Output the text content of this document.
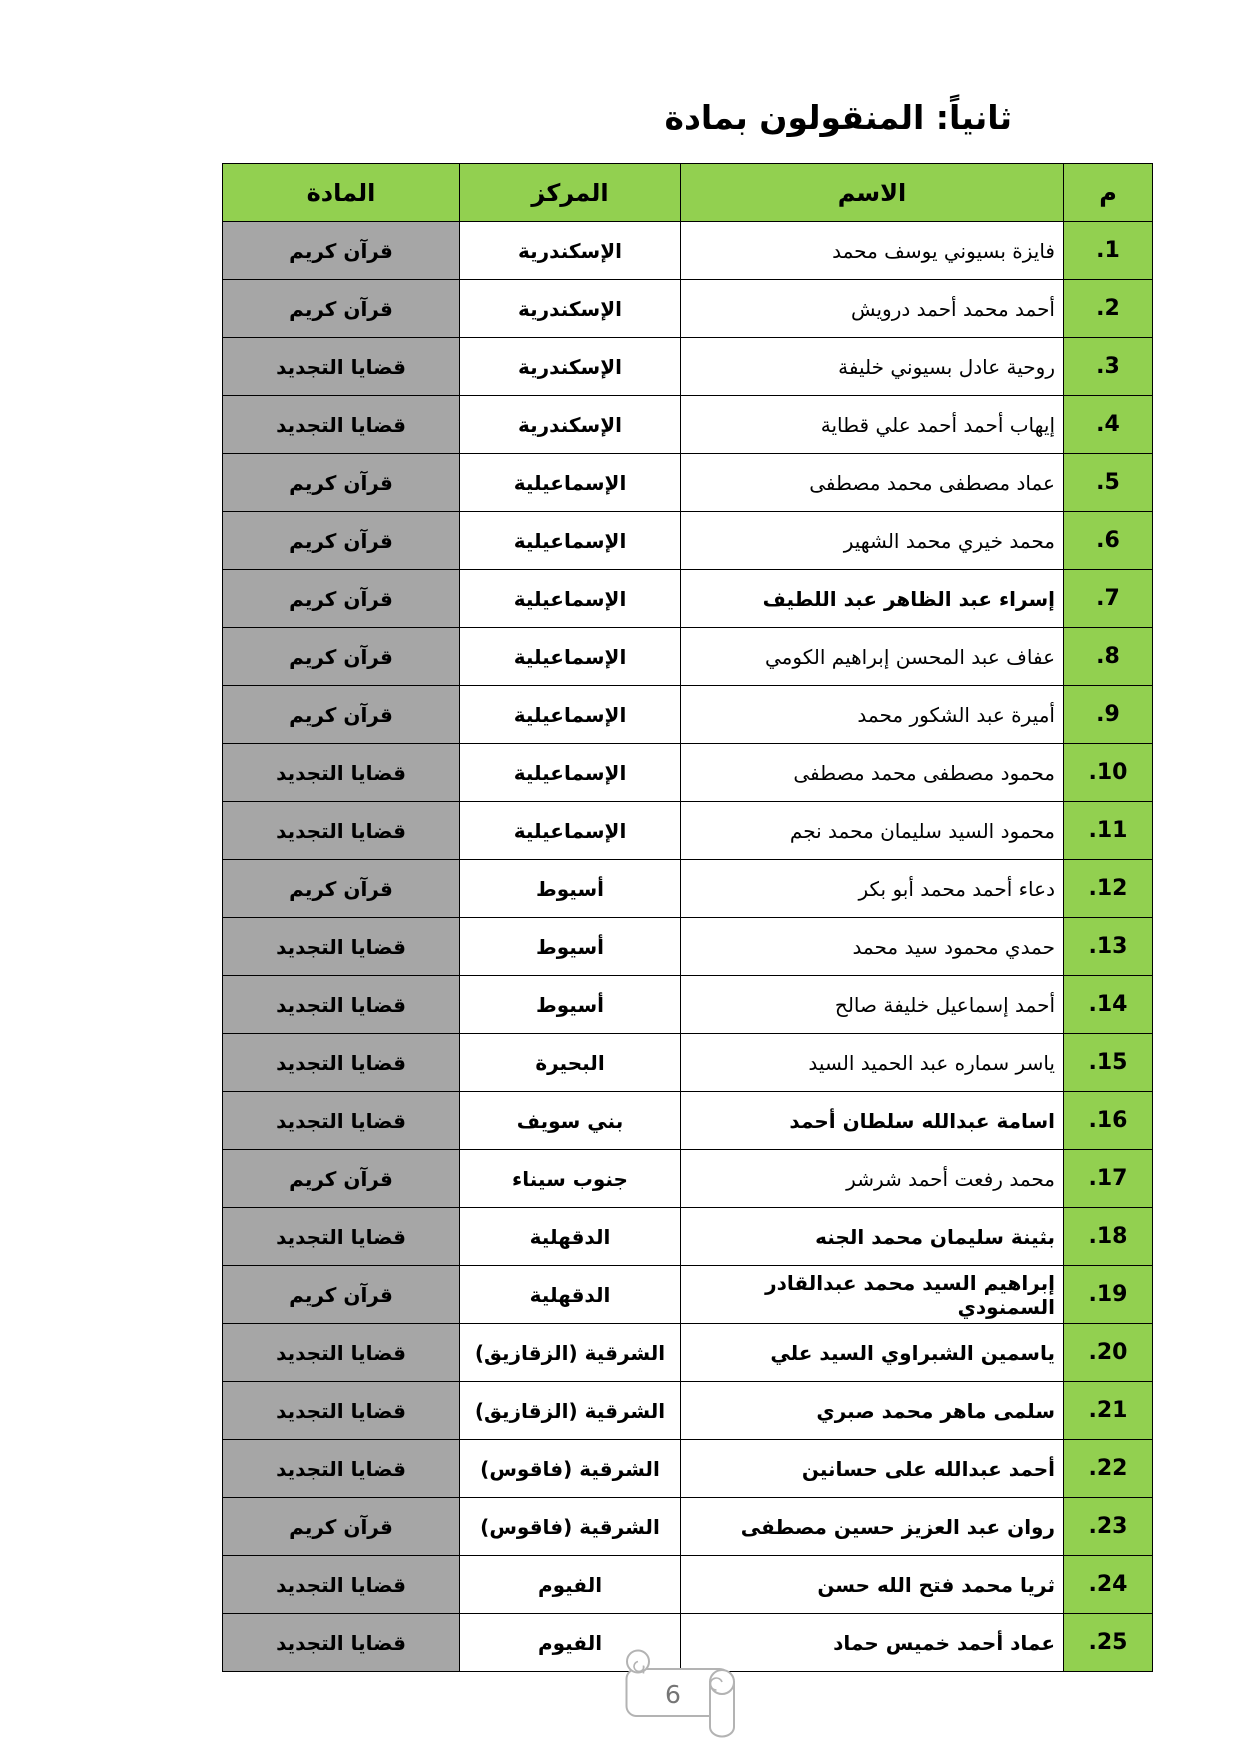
ثانياً: المنقولون بمادة
م	الاسم	المركز	المادة
1.	فايزة بسيوني يوسف محمد	الإسكندرية	قرآن كريم
2.	أحمد محمد أحمد درويش	الإسكندرية	قرآن كريم
3.	روحية عادل بسيوني خليفة	الإسكندرية	قضايا التجديد
4.	إيهاب أحمد أحمد علي قطاية	الإسكندرية	قضايا التجديد
5.	عماد مصطفى محمد مصطفى	الإسماعيلية	قرآن كريم
6.	محمد خيري محمد الشهير	الإسماعيلية	قرآن كريم
7.	إسراء عبد الظاهر عبد اللطيف	الإسماعيلية	قرآن كريم
8.	عفاف عبد المحسن إبراهيم الكومي	الإسماعيلية	قرآن كريم
9.	أميرة عبد الشكور محمد	الإسماعيلية	قرآن كريم
10.	محمود مصطفى محمد مصطفى	الإسماعيلية	قضايا التجديد
11.	محمود السيد سليمان محمد نجم	الإسماعيلية	قضايا التجديد
12.	دعاء أحمد محمد أبو بكر	أسيوط	قرآن كريم
13.	حمدي محمود سيد محمد	أسيوط	قضايا التجديد
14.	أحمد إسماعيل خليفة صالح	أسيوط	قضايا التجديد
15.	ياسر سماره عبد الحميد السيد	البحيرة	قضايا التجديد
16.	اسامة عبدالله سلطان أحمد	بني سويف	قضايا التجديد
17.	محمد رفعت أحمد شرشر	جنوب سيناء	قرآن كريم
18.	بثينة سليمان محمد الجنه	الدقهلية	قضايا التجديد
19.	إبراهيم السيد محمد عبدالقادر السمنودي	الدقهلية	قرآن كريم
20.	ياسمين الشبراوي السيد علي	الشرقية (الزقازيق)	قضايا التجديد
21.	سلمى ماهر محمد صبري	الشرقية (الزقازيق)	قضايا التجديد
22.	أحمد عبدالله على حسانين	الشرقية (فاقوس)	قضايا التجديد
23.	روان عبد العزيز حسين مصطفى	الشرقية (فاقوس)	قرآن كريم
24.	ثريا محمد فتح الله حسن	الفيوم	قضايا التجديد
25.	عماد أحمد خميس حماد	الفيوم	قضايا التجديد
6
